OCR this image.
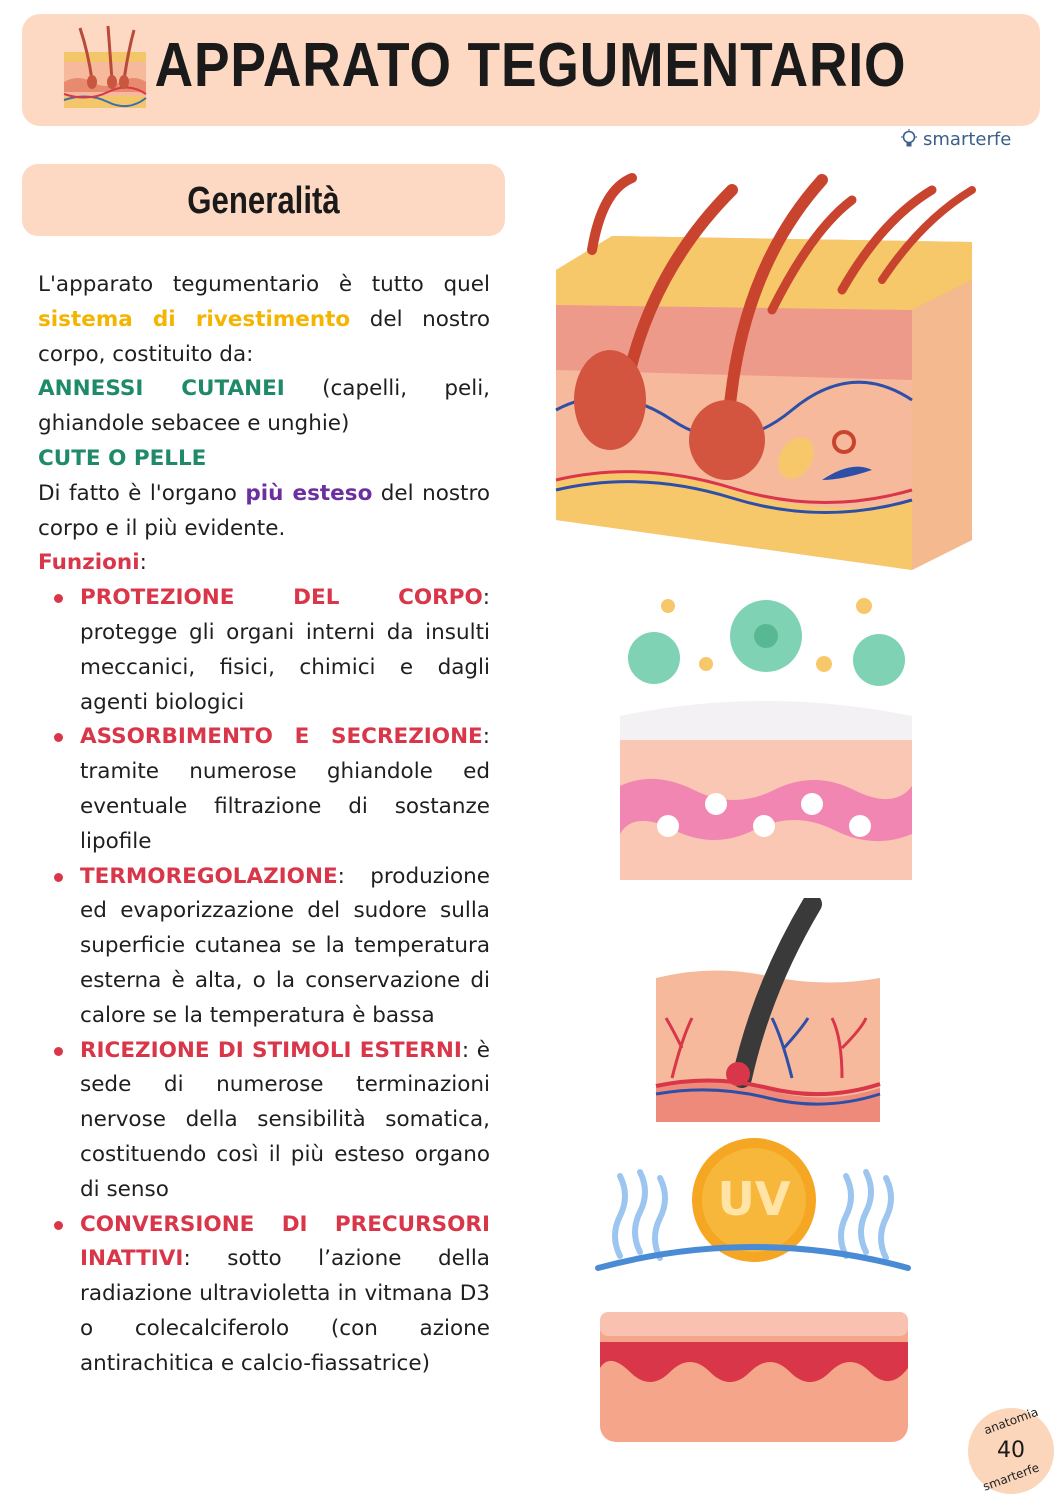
APPARATO TEGUMENTARIO
smarterfe
Generalità

L'apparato tegumentario è tutto quel sistema di rivestimento del nostro corpo, costituito da:

ANNESSI CUTANEI (capelli, peli, ghiandole sebacee e unghie)

CUTE O PELLE

Di fatto è l'organo più esteso del nostro corpo e il più evidente.

Funzioni:

PROTEZIONE DEL CORPO: protegge gli organi interni da insulti meccanici, fisici, chimici e dagli agenti biologici
ASSORBIMENTO E SECREZIONE: tramite numerose ghiandole ed eventuale filtrazione di sostanze lipofile
TERMOREGOLAZIONE: produzione ed evaporizzazione del sudore sulla superficie cutanea se la temperatura esterna è alta, o la conservazione di calore se la temperatura è bassa
RICEZIONE DI STIMOLI ESTERNI: è sede di numerose terminazioni nervose della sensibilità somatica, costituendo così il più esteso organo di senso
CONVERSIONE DI PRECURSORI INATTIVI: sotto l’azione della radiazione ultravioletta in vitmana D3 o colecalciferolo (con azione antirachitica e calcio-fiassatrice)
UV
anatomia
40
smarterfe
